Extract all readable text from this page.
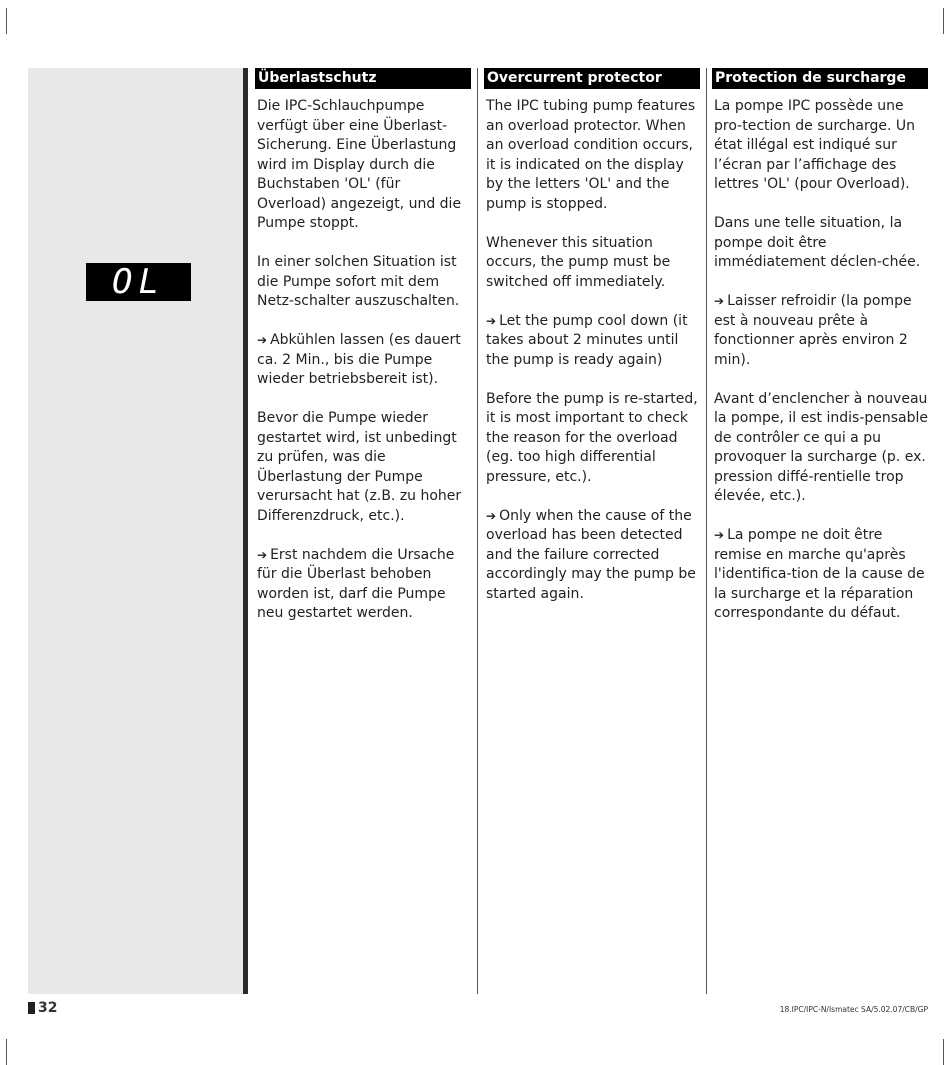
OL
Überlastschutz

Die IPC-Schlauchpumpe verfügt über eine Überlast-Sicherung. Eine Überlastung wird im Display durch die Buchstaben 'OL' (für Overload) angezeigt, und die Pumpe stoppt.

In einer solchen Situation ist die Pumpe sofort mit dem Netz-schalter auszuschalten.

➔ Abkühlen lassen (es dauert ca. 2 Min., bis die Pumpe wieder betriebsbereit ist).

Bevor die Pumpe wieder gestartet wird, ist unbedingt zu prüfen, was die Überlastung der Pumpe verursacht hat (z.B. zu hoher Differenzdruck, etc.).

➔ Erst nachdem die Ursache für die Überlast behoben worden ist, darf die Pumpe neu gestartet werden.

Overcurrent protector

The IPC tubing pump features an overload protector. When an overload condition occurs, it is indicated on the display by the letters 'OL' and the pump is stopped.

Whenever this situation occurs, the pump must be switched off immediately.

➔ Let the pump cool down (it takes about 2 minutes until the pump is ready again)

Before the pump is re-started, it is most important to check the reason for the overload (eg. too high differential pressure, etc.).

➔ Only when the cause of the overload has been detected and the failure corrected accordingly may the pump be started again.

Protection de surcharge

La pompe IPC possède une pro-tection de surcharge. Un état illégal est indiqué sur l’écran par l’affichage des lettres 'OL' (pour Overload).

Dans une telle situation, la pompe doit être immédiatement déclen-chée.

➔ Laisser refroidir (la pompe est à nouveau prête à fonctionner après environ 2 min).

Avant d’enclencher à nouveau la pompe, il est indis-pensable de contrôler ce qui a pu provoquer la surcharge (p. ex. pression diffé-rentielle trop élevée, etc.).

➔ La pompe ne doit être remise en marche qu'après l'identifica-tion de la cause de la surcharge et la réparation correspondante du défaut.

32	18.IPC/IPC-N/Ismatec SA/5.02.07/CB/GP
